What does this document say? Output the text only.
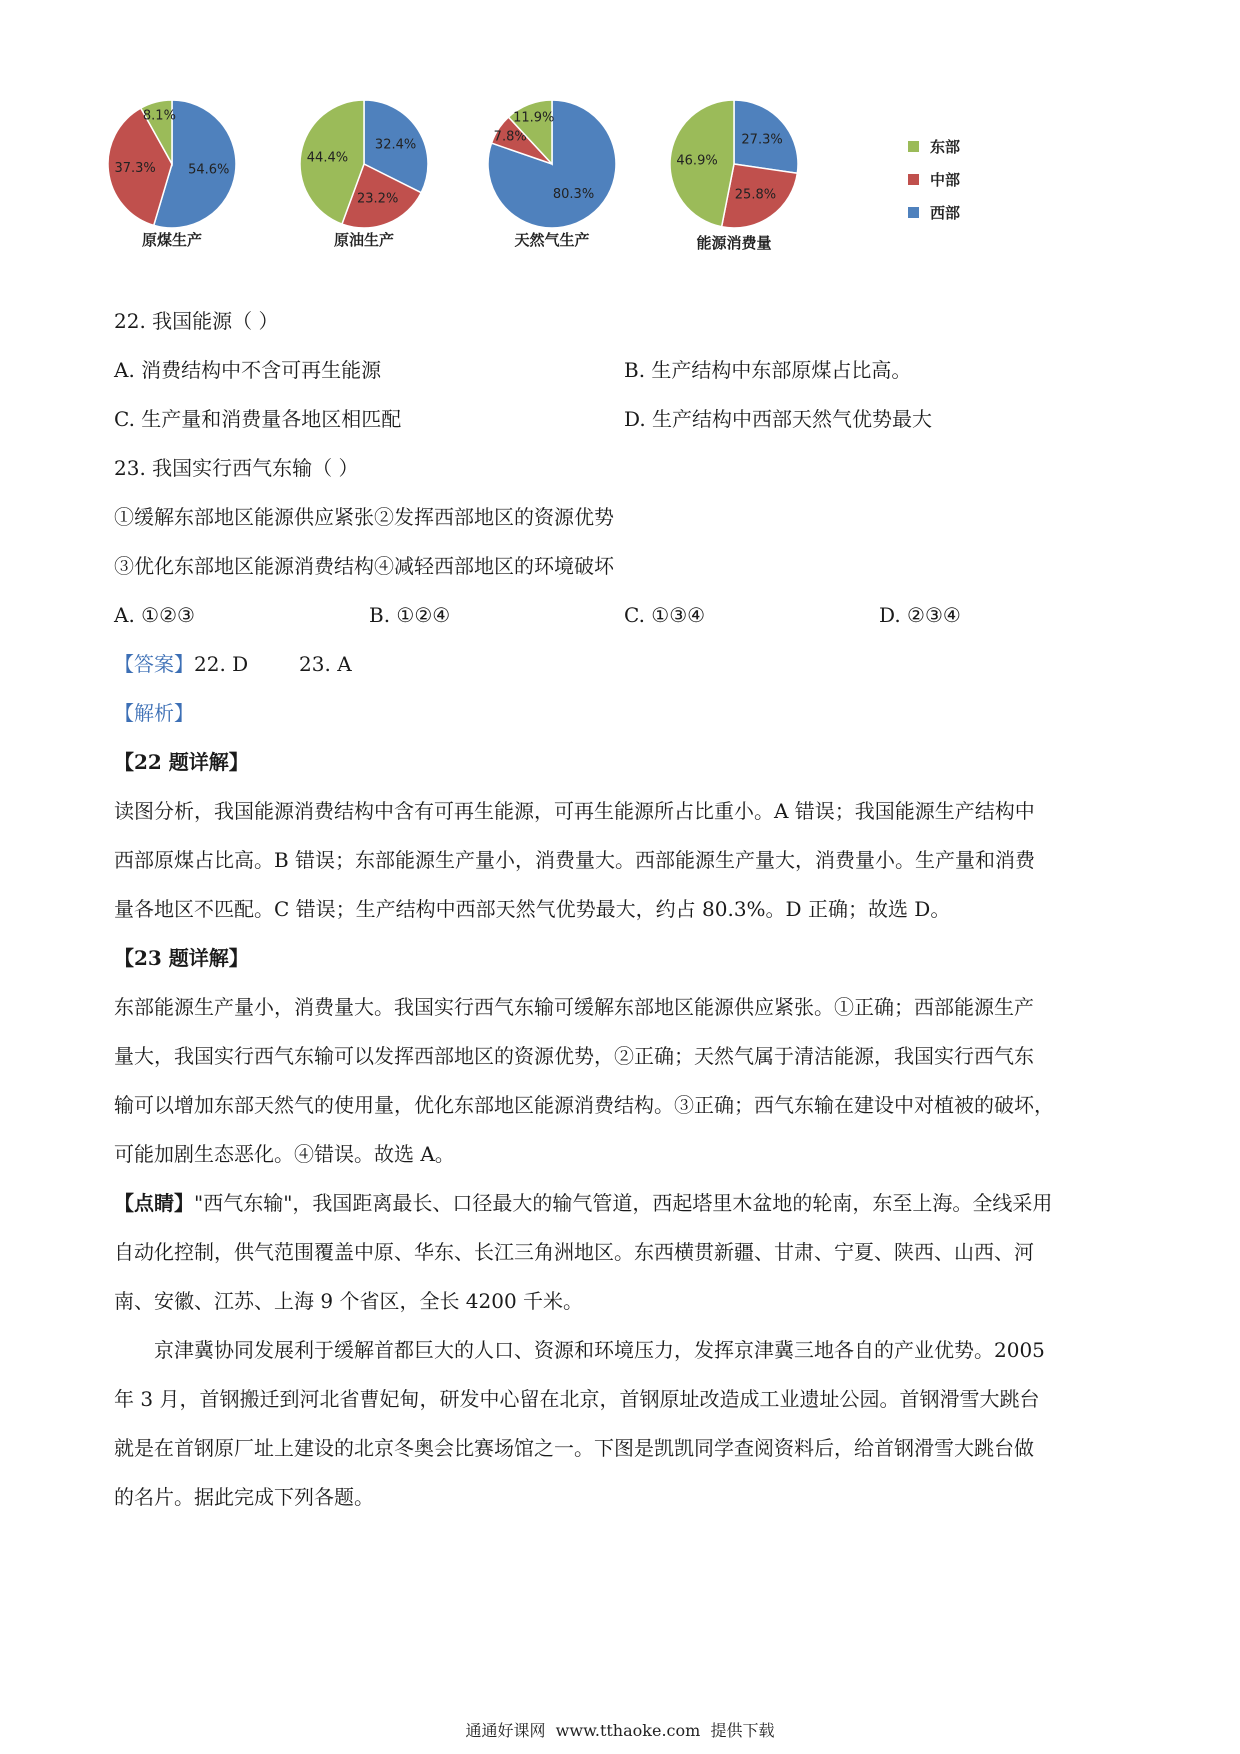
54.6%
37.3%
8.1%
原煤生产
32.4%
23.2%
44.4%
原油生产
80.3%
7.8%
11.9%
天然气生产
27.3%
25.8%
46.9%
能源消费量
东部
中部
西部
22. 我国能源（ ）
A. 消费结构中不含可再生能源	B. 生产结构中东部原煤占比高。
C. 生产量和消费量各地区相匹配	D. 生产结构中西部天然气优势最大
23. 我国实行西气东输（ ）
①缓解东部地区能源供应紧张②发挥西部地区的资源优势
③优化东部地区能源消费结构④减轻西部地区的环境破坏
A. ①②③	B. ①②④	C. ①③④	D. ②③④
【答案】22. D        23. A
【解析】
【22 题详解】
读图分析，我国能源消费结构中含有可再生能源，可再生能源所占比重小。A 错误；我国能源生产结构中
西部原煤占比高。B 错误；东部能源生产量小，消费量大。西部能源生产量大，消费量小。生产量和消费
量各地区不匹配。C 错误；生产结构中西部天然气优势最大，约占 80.3%。D 正确；故选 D。
【23 题详解】
东部能源生产量小，消费量大。我国实行西气东输可缓解东部地区能源供应紧张。①正确；西部能源生产
量大，我国实行西气东输可以发挥西部地区的资源优势，②正确；天然气属于清洁能源，我国实行西气东
输可以增加东部天然气的使用量，优化东部地区能源消费结构。③正确；西气东输在建设中对植被的破坏，
可能加剧生态恶化。④错误。故选 A。
【点睛】"西气东输"，我国距离最长、口径最大的输气管道，西起塔里木盆地的轮南，东至上海。全线采用
自动化控制，供气范围覆盖中原、华东、长江三角洲地区。东西横贯新疆、甘肃、宁夏、陕西、山西、河
南、安徽、江苏、上海 9 个省区，全长 4200 千米。
　　京津冀协同发展利于缓解首都巨大的人口、资源和环境压力，发挥京津冀三地各自的产业优势。2005
年 3 月，首钢搬迁到河北省曹妃甸，研发中心留在北京，首钢原址改造成工业遗址公园。首钢滑雪大跳台
就是在首钢原厂址上建设的北京冬奥会比赛场馆之一。下图是凯凯同学查阅资料后，给首钢滑雪大跳台做
的名片。据此完成下列各题。
通通好课网  www.tthaoke.com  提供下载
